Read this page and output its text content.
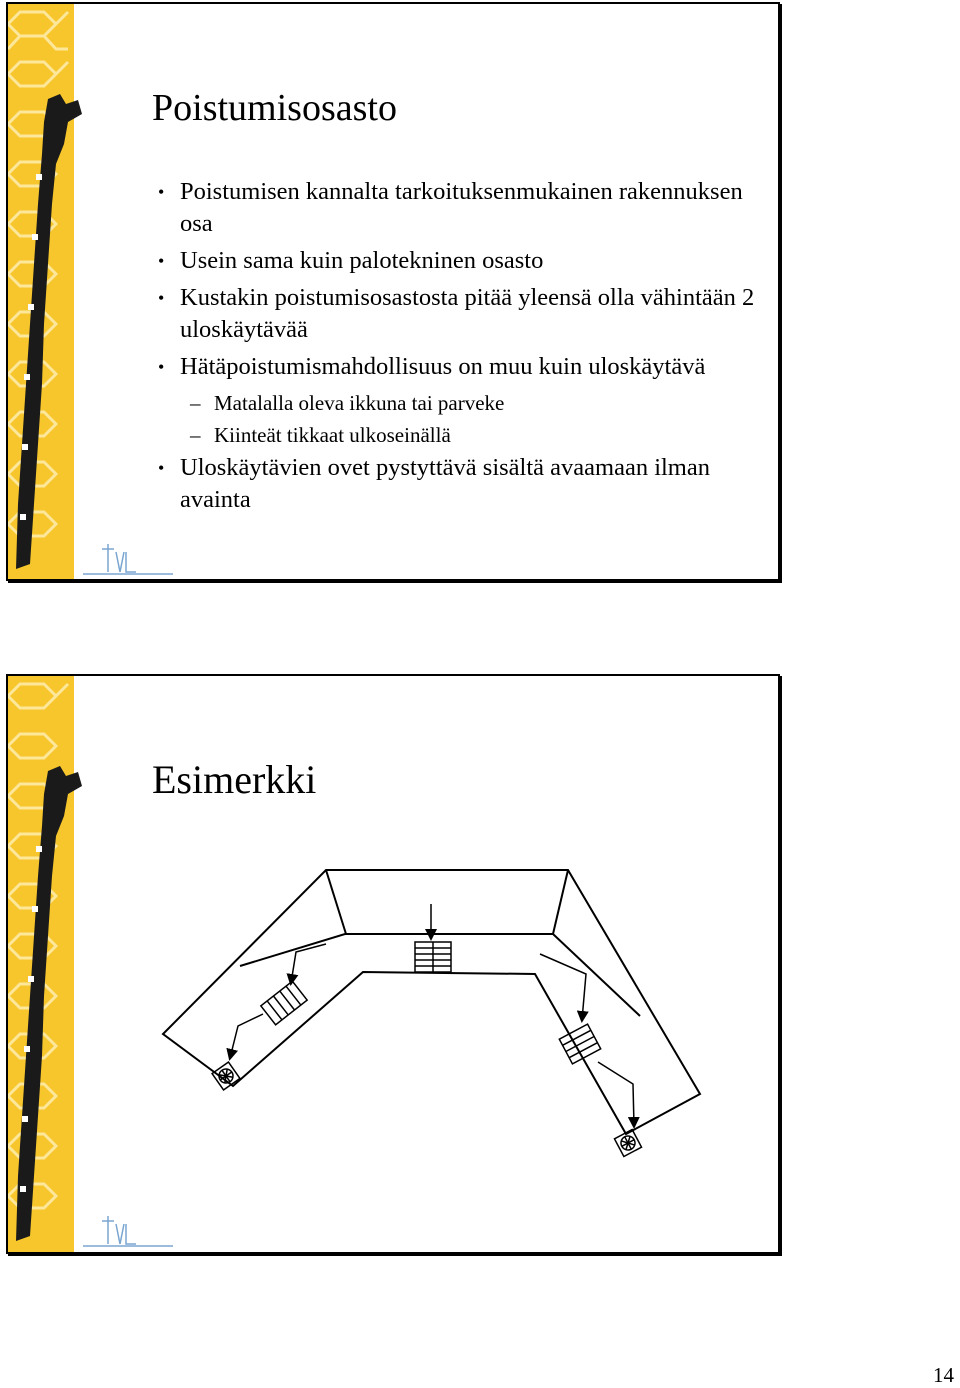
Poistumisosasto
• Poistumisen kannalta tarkoituksenmukainen rakennuksen osa
• Usein sama kuin palotekninen osasto
• Kustakin poistumisosastosta pitää yleensä olla vähintään 2 uloskäytävää
• Hätäpoistumismahdollisuus on muu kuin uloskäytävä
– Matalalla oleva ikkuna tai parveke
– Kiinteät tikkaat ulkoseinällä
• Uloskäytävien ovet pystyttävä sisältä avaamaan ilman avainta
Esimerkki
14
